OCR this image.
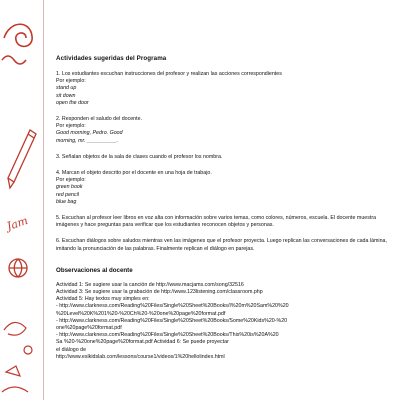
Jam
Actividades sugeridas del Programa
1. Los estudiantes escuchan instrucciones del profesor y realizan las acciones correspondientes
Por ejemplo:
stand up
sit down
open the door
2. Responden el saludo del docente.
Por ejemplo:
Good morning, Pedro. Good
morning, mr. __________.
3. Señalan objetos de la sala de clases cuando el profesor los nombra.
4. Marcan el objeto descrito por el docente en una hoja de trabajo.
Por ejemplo:
green book
red pencil
blue bag
5. Escuchan al profesor leer libros en voz alta con información sobre varios temas, como colores, números, escuela. El docente muestra imágenes y hace preguntas para verificar que los estudiantes reconocen objetos y personas.
6. Escuchan diálogos sobre saludos mientras ven las imágenes que el profesor proyecta. Luego replican las conversaciones de cada lámina, imitando la pronunciación de las palabras. Finalmente replican el diálogo en parejas.
Observaciones al docente
Actividad 1: Se sugiere usar la canción de http://www.macjams.com/song/32516
Actividad 3: Se sugiere usar la grabación de http://www.123listening.com/classroom.php
Actividad 5: Hay textos muy simples en:
- http://www.clarkness.com/Reading%20Files/Single%20Sheet%20Books/I%20m%20Sam%20%20
%20Level%20K%201%20-%20Ch%20-%20one%20page%20format.pdf
- http://www.clarkness.com/Reading%20Files/Single%20Sheet%20Books/Some%20Kids%20-%20
one%20page%20format.pdf
- http://www.clarkness.com/Reading%20Files/Single%20Sheet%20Books/This%20is%20A%20
Sa %20-%20one%20page%20format.pdf Actividad 6: Se puede proyectar
el diálogo de
http://www.eslkidslab.com/lessons/course1/videos/1%20hellolindex.html
